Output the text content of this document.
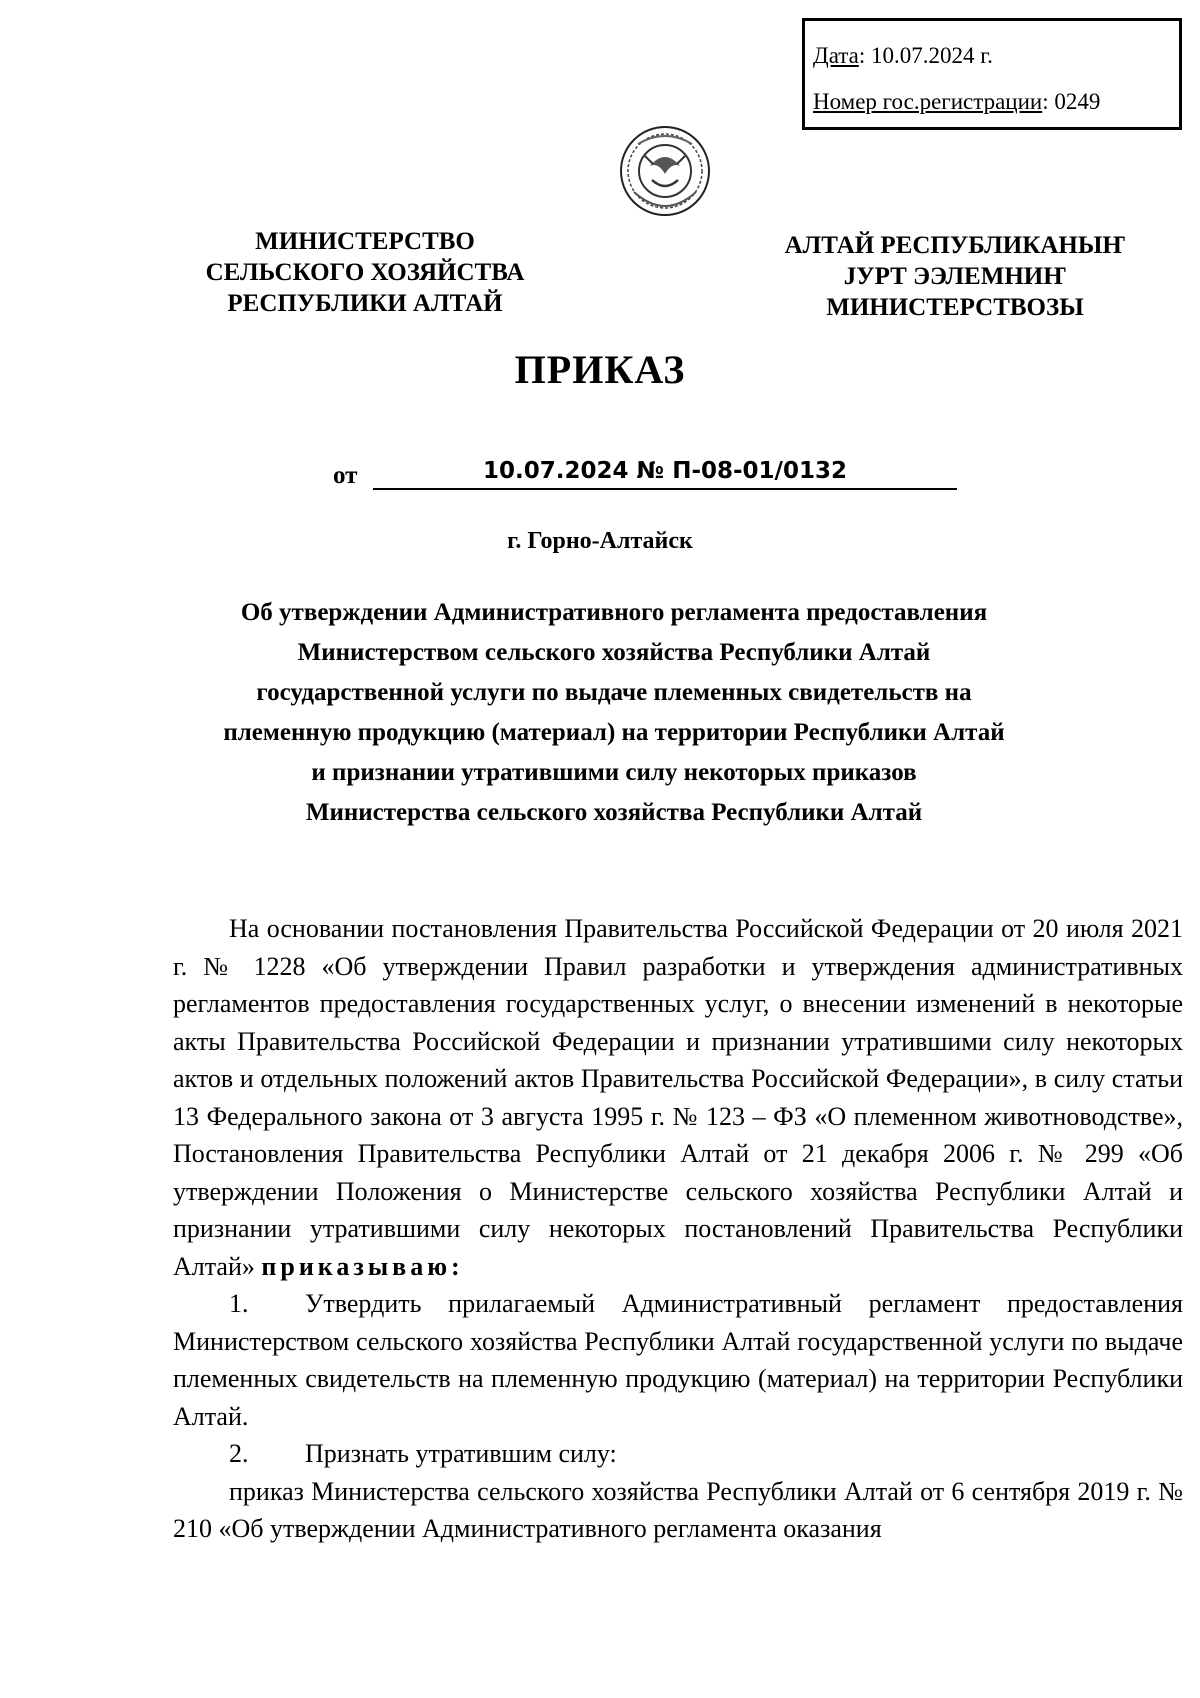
Дата: 10.07.2024 г.
Номер гос.регистрации: 0249
МИНИСТЕРСТВО
СЕЛЬСКОГО ХОЗЯЙСТВА
РЕСПУБЛИКИ АЛТАЙ
АЛТАЙ РЕСПУБЛИКАНЫҤ
ЈУРТ ЭЭЛЕМНИҤ
МИНИСТЕРСТВОЗЫ
ПРИКАЗ
от	10.07.2024 № П-08-01/0132
г. Горно-Алтайск
Об утверждении Административного регламента предоставления
Министерством сельского хозяйства Республики Алтай
государственной услуги по выдаче племенных свидетельств на
племенную продукцию (материал) на территории Республики Алтай
и признании утратившими силу некоторых приказов
Министерства сельского хозяйства Республики Алтай

На основании постановления Правительства Российской Федерации от 20 июля 2021 г. № 1228 «Об утверждении Правил разработки и утверждения административных регламентов предоставления государственных услуг, о внесении изменений в некоторые акты Правительства Российской Федерации и признании утратившими силу некоторых актов и отдельных положений актов Правительства Российской Федерации», в силу статьи 13 Федерального закона от 3 августа 1995 г. № 123 – ФЗ «О племенном животноводстве», Постановления Правительства Республики Алтай от 21 декабря 2006 г. № 299 «Об утверждении Положения о Министерстве сельского хозяйства Республики Алтай и признании утратившими силу некоторых постановлений Правительства Республики Алтай» приказываю:

1. Утвердить прилагаемый Административный регламент предоставления Министерством сельского хозяйства Республики Алтай государственной услуги по выдаче племенных свидетельств на племенную продукцию (материал) на территории Республики Алтай.

2. Признать утратившим силу:

приказ Министерства сельского хозяйства Республики Алтай от 6 сентября 2019 г. № 210 «Об утверждении Административного регламента оказания
